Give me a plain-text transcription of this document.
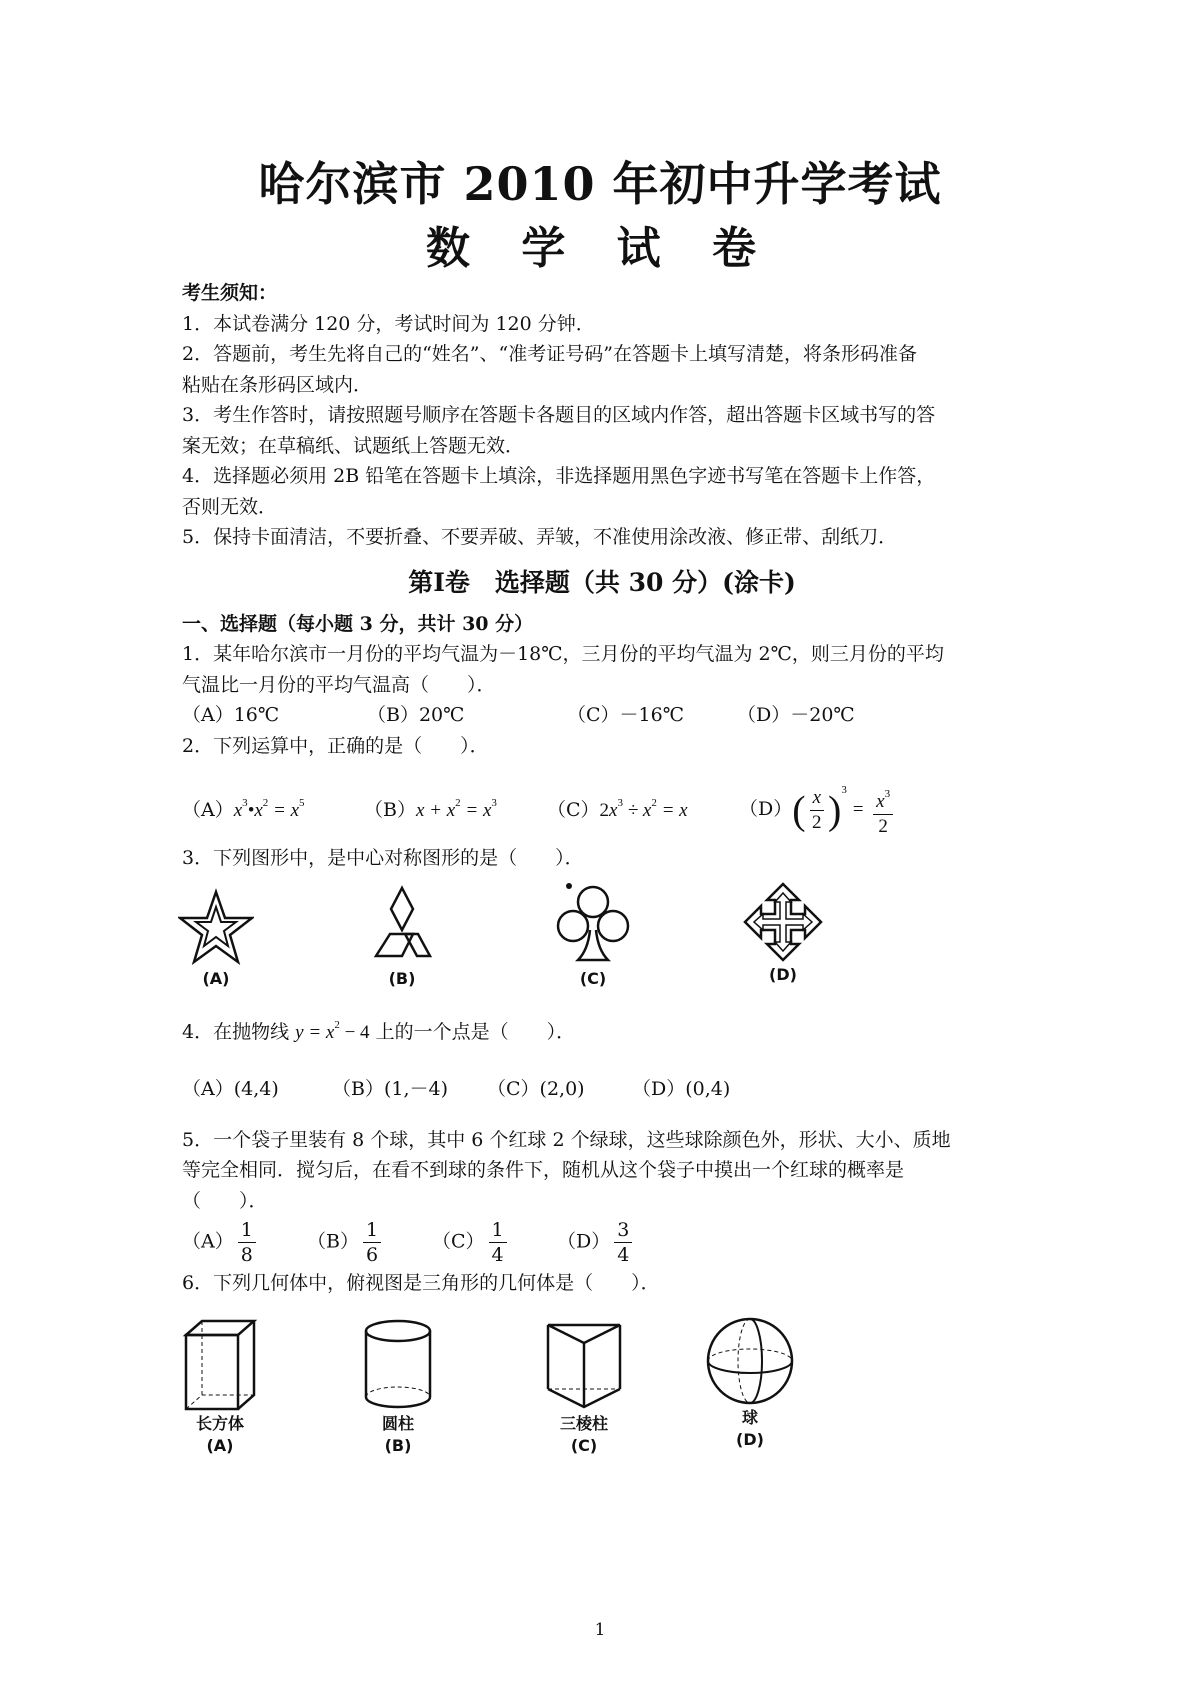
哈尔滨市 2010 年初中升学考试
数 学 试 卷
考生须知：
1．本试卷满分 120 分，考试时间为 120 分钟．
2．答题前，考生先将自己的“姓名”、“准考证号码”在答题卡上填写清楚，将条形码准备
粘贴在条形码区域内．
3．考生作答时，请按照题号顺序在答题卡各题目的区域内作答，超出答题卡区域书写的答
案无效；在草稿纸、试题纸上答题无效．
4．选择题必须用 2B 铅笔在答题卡上填涂，非选择题用黑色字迹书写笔在答题卡上作答，
否则无效．
5．保持卡面清洁，不要折叠、不要弄破、弄皱，不准使用涂改液、修正带、刮纸刀．
第Ⅰ卷　选择题（共 30 分）(涂卡)
一、选择题（每小题 3 分，共计 30 分）
1．某年哈尔滨市一月份的平均气温为－18℃，三月份的平均气温为 2℃，则三月份的平均
气温比一月份的平均气温高（　　）．
（A）16℃	（B）20℃	（C）－16℃	（D）－20℃
2．下列运算中，正确的是（　　）．
$(A)x^3•x^2 = x^5$	$(B)x + x^2 = x^3$	$(C)2x^3 \div x^2 = x$	$(D)( \frac{x}{2} )^3 = \frac{x^3}{2}$
3．下列图形中，是中心对称图形的是（　　）．
(A)	(B)	(C)	(D)
4．在抛物线 $y = x^2 - 4$ 上的一个点是（　　）．
（A）(4,4)	（B）(1,－4)	（C）(2,0)	（D）(0,4)
5．一个袋子里装有 8 个球，其中 6 个红球 2 个绿球，这些球除颜色外，形状、大小、质地
等完全相同．搅匀后，在看不到球的条件下，随机从这个袋子中摸出一个红球的概率是
（　　）．
$(A) \frac{1}{8}$	$(B) \frac{1}{6}$	$(C) \frac{1}{4}$	$(D) \frac{3}{4}$
6．下列几何体中，俯视图是三角形的几何体是（　　）．
长方体
(A)
圆柱
(B)
三棱柱
(C)
球
(D)
1
